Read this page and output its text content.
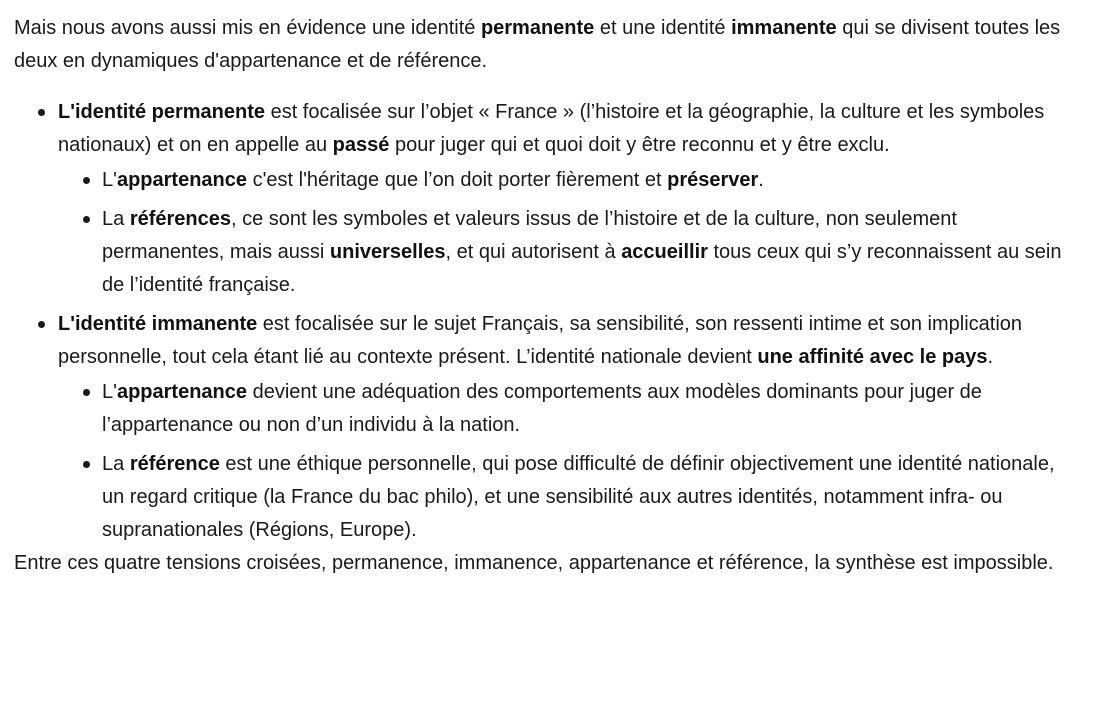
Mais nous avons aussi mis en évidence une identité permanente et une identité immanente qui se divisent toutes les deux en dynamiques d'appartenance et de référence.

L'identité permanente est focalisée sur l’objet « France » (l’histoire et la géographie, la culture et les symboles nationaux) et on en appelle au passé pour juger qui et quoi doit y être reconnu et y être exclu.
L'appartenance c'est l'héritage que l’on doit porter fièrement et préserver.
La références, ce sont les symboles et valeurs issus de l’histoire et de la culture, non seulement permanentes, mais aussi universelles, et qui autorisent à accueillir tous ceux qui s’y reconnaissent au sein de l’identité française.
L'identité immanente est focalisée sur le sujet Français, sa sensibilité, son ressenti intime et son implication personnelle, tout cela étant lié au contexte présent. L’identité nationale devient une affinité avec le pays.
L'appartenance devient une adéquation des comportements aux modèles dominants pour juger de l’appartenance ou non d’un individu à la nation.
La référence est une éthique personnelle, qui pose difficulté de définir objectivement une identité nationale, un regard critique (la France du bac philo), et une sensibilité aux autres identités, notamment infra- ou supranationales (Régions, Europe).

Entre ces quatre tensions croisées, permanence, immanence, appartenance et référence, la synthèse est impossible.
